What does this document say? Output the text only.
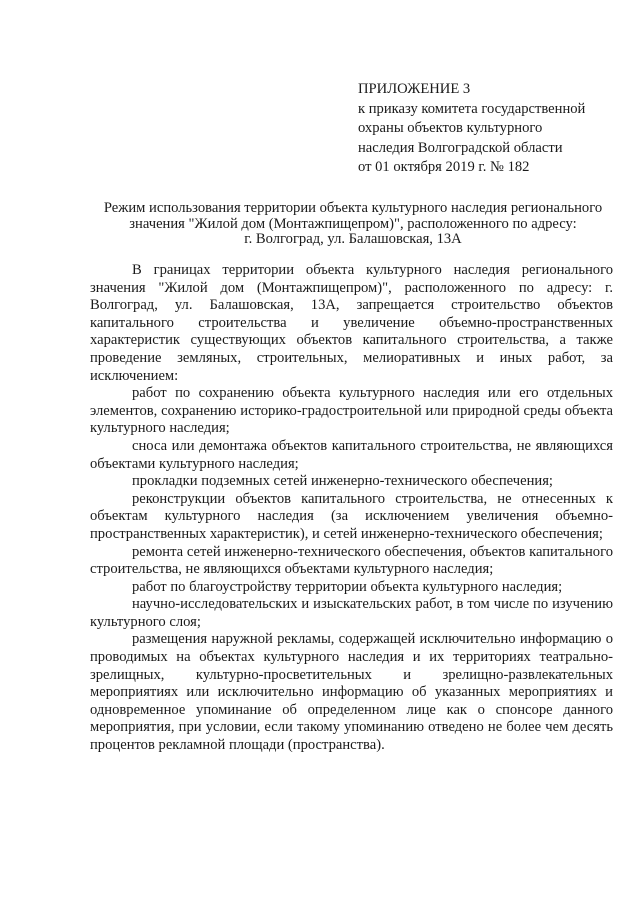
ПРИЛОЖЕНИЕ 3
к приказу комитета государственной
охраны объектов культурного
наследия Волгоградской области
от 01 октября 2019 г. № 182
Режим использования территории объекта культурного наследия регионального
значения "Жилой дом (Монтажпищепром)", расположенного по адресу:
г. Волгоград, ул. Балашовская, 13А

В границах территории объекта культурного наследия регионального значения "Жилой дом (Монтажпищепром)", расположенного по адресу: г. Волгоград, ул. Балашовская, 13А, запрещается строительство объектов капитального строительства и увеличение объемно-пространственных характеристик существующих объектов капитального строительства, а также проведение земляных, строительных, мелиоративных и иных работ, за исключением:

работ по сохранению объекта культурного наследия или его отдельных элементов, сохранению историко-градостроительной или природной среды объекта культурного наследия;

сноса или демонтажа объектов капитального строительства, не являющихся объектами культурного наследия;

прокладки подземных сетей инженерно-технического обеспечения;

реконструкции объектов капитального строительства, не отнесенных к объектам культурного наследия (за исключением увеличения объемно-пространственных характеристик), и сетей инженерно-технического обеспечения;

ремонта сетей инженерно-технического обеспечения, объектов капитального строительства, не являющихся объектами культурного наследия;

работ по благоустройству территории объекта культурного наследия;

научно-исследовательских и изыскательских работ, в том числе по изучению культурного слоя;

размещения наружной рекламы, содержащей исключительно информацию о проводимых на объектах культурного наследия и их территориях театрально-зрелищных, культурно-просветительных и зрелищно-развлекательных мероприятиях или исключительно информацию об указанных мероприятиях и одновременное упоминание об определенном лице как о спонсоре данного мероприятия, при условии, если такому упоминанию отведено не более чем десять процентов рекламной площади (пространства).
